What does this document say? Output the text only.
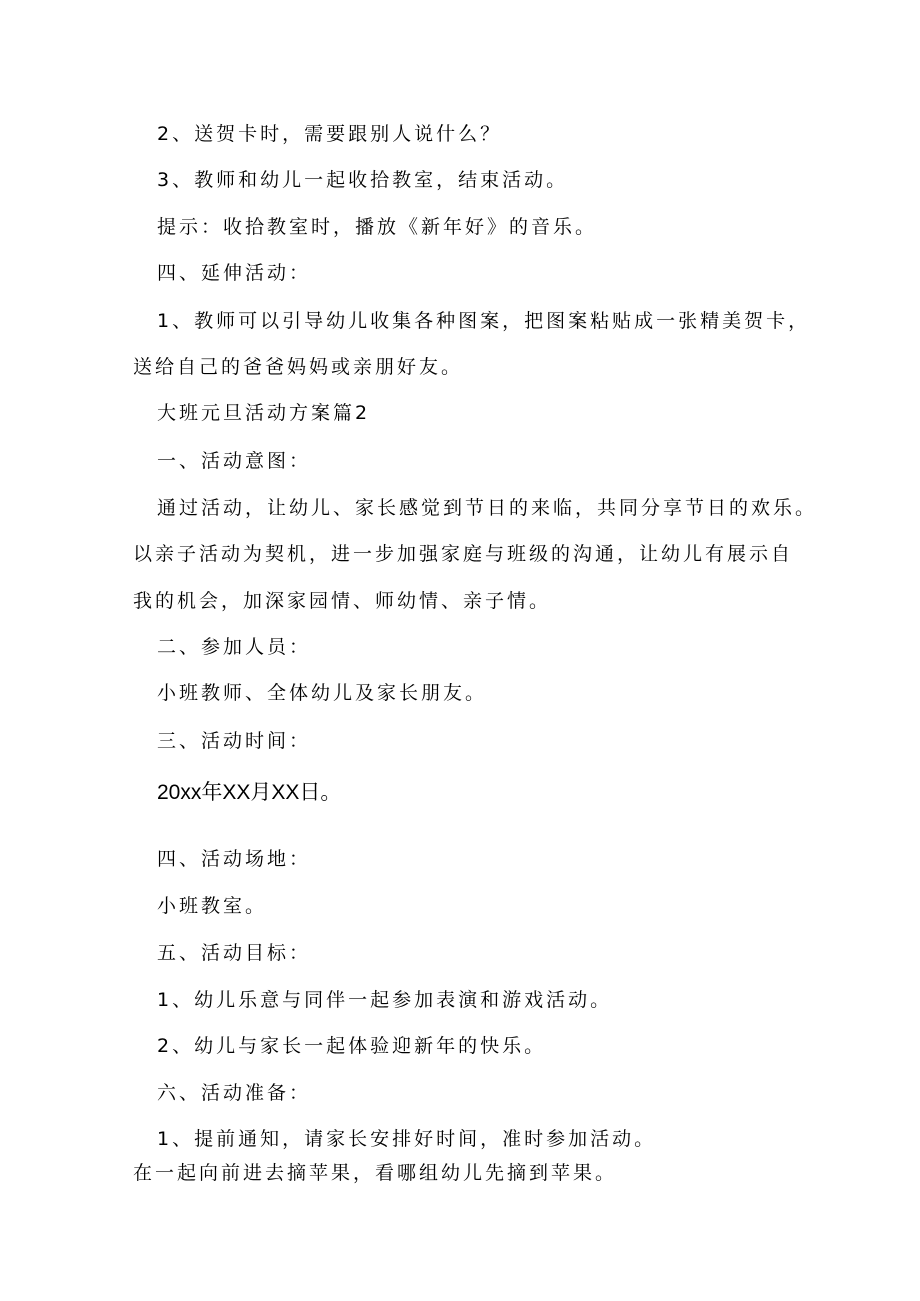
2、送贺卡时，需要跟别人说什么？
3、教师和幼儿一起收拾教室，结束活动。
提示：收拾教室时，播放《新年好》的音乐。
四、延伸活动：
1、教师可以引导幼儿收集各种图案，把图案粘贴成一张精美贺卡，
送给自己的爸爸妈妈或亲朋好友。
大班元旦活动方案篇2
一、活动意图：
通过活动，让幼儿、家长感觉到节日的来临，共同分享节日的欢乐。
以亲子活动为契机，进一步加强家庭与班级的沟通，让幼儿有展示自
我的机会，加深家园情、师幼情、亲子情。
二、参加人员：
小班教师、全体幼儿及家长朋友。
三、活动时间：
20xx年XX月XX日。
四、活动场地：
小班教室。
五、活动目标：
1、幼儿乐意与同伴一起参加表演和游戏活动。
2、幼儿与家长一起体验迎新年的快乐。
六、活动准备：
1、提前通知，请家长安排好时间，准时参加活动。
在一起向前进去摘苹果，看哪组幼儿先摘到苹果。
